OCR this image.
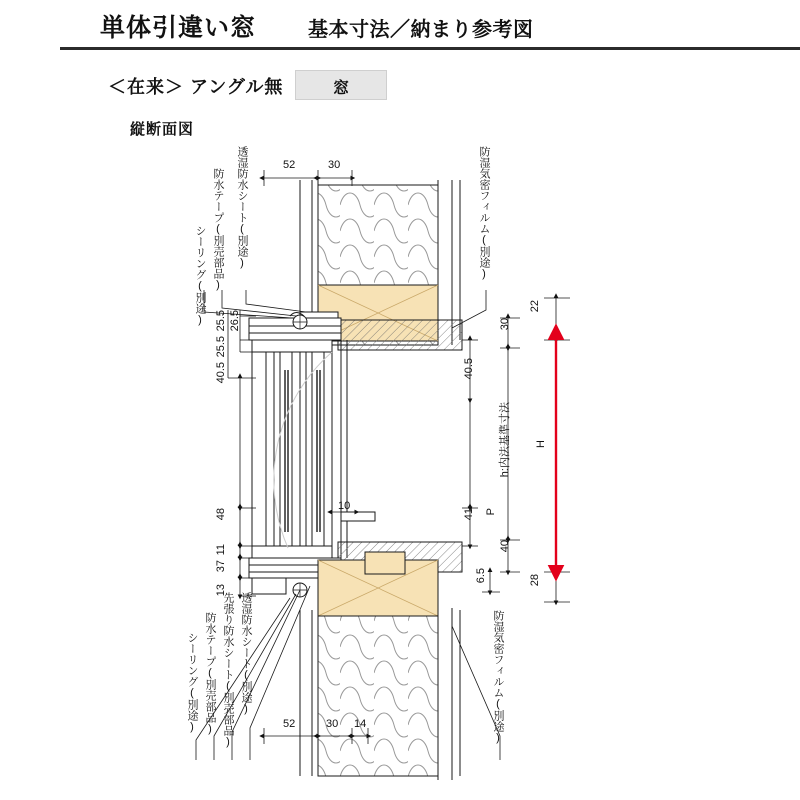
単体引違い窓	基本寸法／納まり参考図
＜在来＞ アングル無	窓
縦断面図
シーリング(別途) 防水テープ(別売部品) 透湿防水シート(別途)	防湿気密フィルム(別途)
シーリング(別途) 防水テープ(別売部品) 先張り防水シート(別売部品) 透湿防水シート(別途)	防湿気密フィルム(別途)
52	30
52	30 14
10
25.5 26.5
25.5
40.5
48
11
37
13
40.5
41 P
30
h:内法基準寸法
40
6.5
22
H
28
